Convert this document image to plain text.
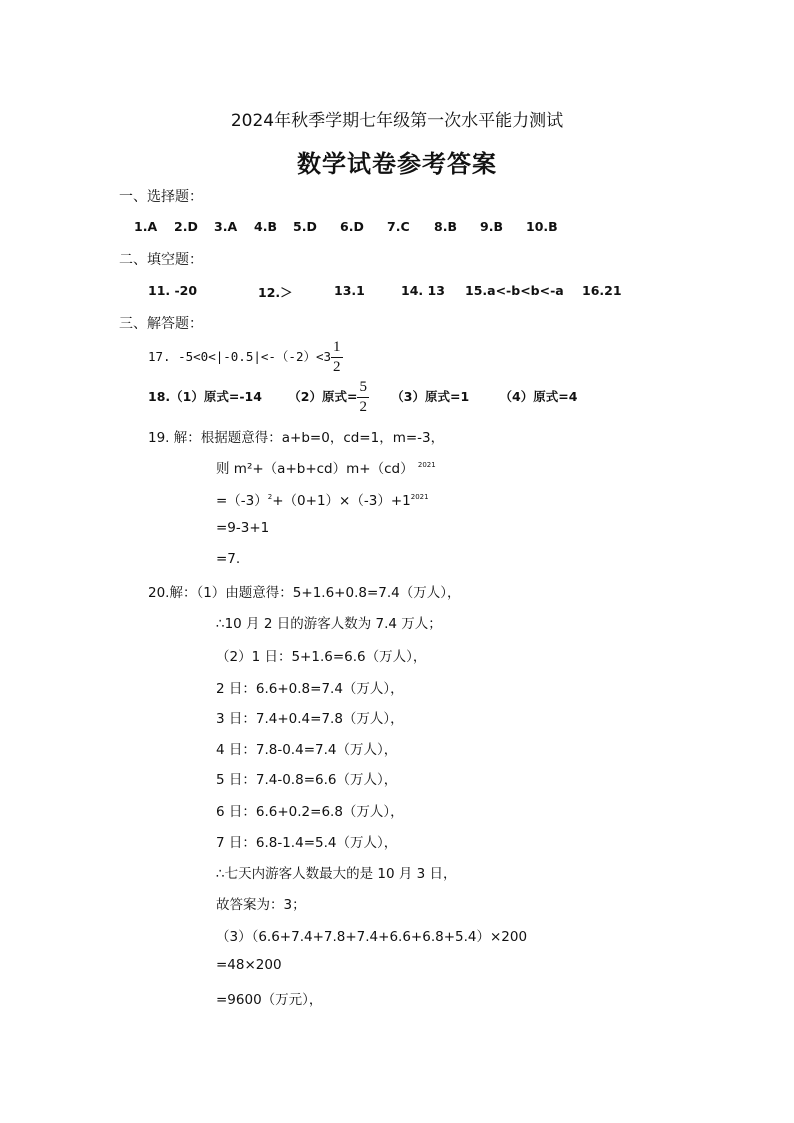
2024年秋季学期七年级第一次水平能力测试
数学试卷参考答案
一、选择题：
1.A 2.D 3.A 4.B 5.D 6.D 7.C 8.B 9.B 10.B
二、填空题：
11. -20	12.＞	13.1	14. 13 15.a<-b<b<-a 16.21
三、解答题：
17. $-5<0<|-0.5|<-(-2)<3 \frac{1}{2}$
18.（1）原式=-14 （2）原式= $\frac{5}{2} (3)$原式=1 （4）原式=4
19. 解：根据题意得：a+b=0，cd=1，m=-3，
则 m²+（a+b+cd）m+（cd） $^{2021}$
$=(-3)^2+(0+1)\times(-3)+1^{2021}$
=9-3+1
=7.
20.解：（1）由题意得：5+1.6+0.8=7.4（万人），
∴10 月 2 日的游客人数为 7.4 万人；
（2）1 日：5+1.6=6.6（万人），
2 日：6.6+0.8=7.4（万人），
3 日：7.4+0.4=7.8（万人），
4 日：7.8-0.4=7.4（万人），
5 日：7.4-0.8=6.6（万人），
6 日：6.6+0.2=6.8（万人），
7 日：6.8-1.4=5.4（万人），
∴七天内游客人数最大的是 10 月 3 日，
故答案为：3；
（3）（6.6+7.4+7.8+7.4+6.6+6.8+5.4）×200
=48×200
=9600（万元），
